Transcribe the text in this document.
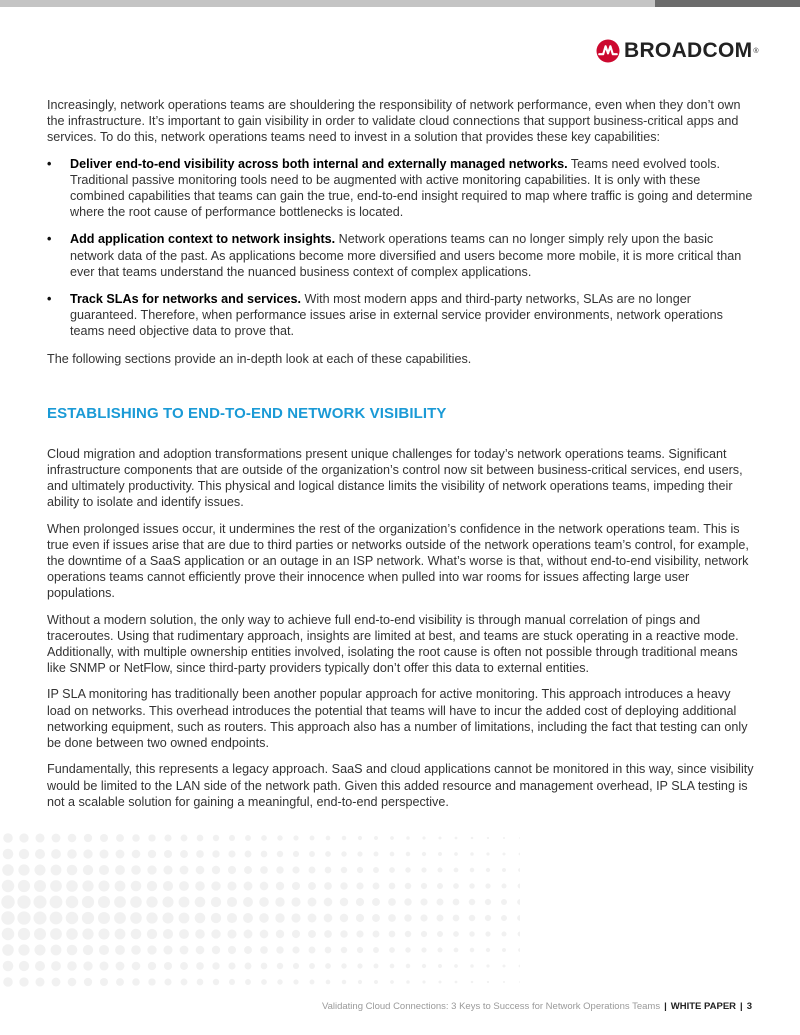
BROADCOM ®

Increasingly, network operations teams are shouldering the responsibility of network performance, even when they don’t own the infrastructure. It’s important to gain visibility in order to validate cloud connections that support business-critical apps and services. To do this, network operations teams need to invest in a solution that provides these key capabilities:

• Deliver end-to-end visibility across both internal and externally managed networks. Teams need evolved tools. Traditional passive monitoring tools need to be augmented with active monitoring capabilities. It is only with these combined capabilities that teams can gain the true, end-to-end insight required to map where traffic is going and determine where the root cause of performance bottlenecks is located.
• Add application context to network insights. Network operations teams can no longer simply rely upon the basic network data of the past. As applications become more diversified and users become more mobile, it is more critical than ever that teams understand the nuanced business context of complex applications.
• Track SLAs for networks and services. With most modern apps and third-party networks, SLAs are no longer guaranteed. Therefore, when performance issues arise in external service provider environments, network operations teams need objective data to prove that.

The following sections provide an in-depth look at each of these capabilities.

ESTABLISHING TO END-TO-END NETWORK VISIBILITY

Cloud migration and adoption transformations present unique challenges for today’s network operations teams. Significant infrastructure components that are outside of the organization’s control now sit between business-critical services, end users, and ultimately productivity. This physical and logical distance limits the visibility of network operations teams, impeding their ability to isolate and identify issues.

When prolonged issues occur, it undermines the rest of the organization’s confidence in the network operations team. This is true even if issues arise that are due to third parties or networks outside of the network operations team’s control, for example, the downtime of a SaaS application or an outage in an ISP network. What’s worse is that, without end-to-end visibility, network operations teams cannot efficiently prove their innocence when pulled into war rooms for issues affecting large user populations.

Without a modern solution, the only way to achieve full end-to-end visibility is through manual correlation of pings and traceroutes. Using that rudimentary approach, insights are limited at best, and teams are stuck operating in a reactive mode. Additionally, with multiple ownership entities involved, isolating the root cause is often not possible through traditional means like SNMP or NetFlow, since third-party providers typically don’t offer this data to external entities.

IP SLA monitoring has traditionally been another popular approach for active monitoring. This approach introduces a heavy load on networks. This overhead introduces the potential that teams will have to incur the added cost of deploying additional networking equipment, such as routers. This approach also has a number of limitations, including the fact that testing can only be done between two owned endpoints.

Fundamentally, this represents a legacy approach. SaaS and cloud applications cannot be monitored in this way, since visibility would be limited to the LAN side of the network path. Given this added resource and management overhead, IP SLA testing is not a scalable solution for gaining a meaningful, end-to-end perspective.

Validating Cloud Connections: 3 Keys to Success for Network Operations Teams | WHITE PAPER | 3
